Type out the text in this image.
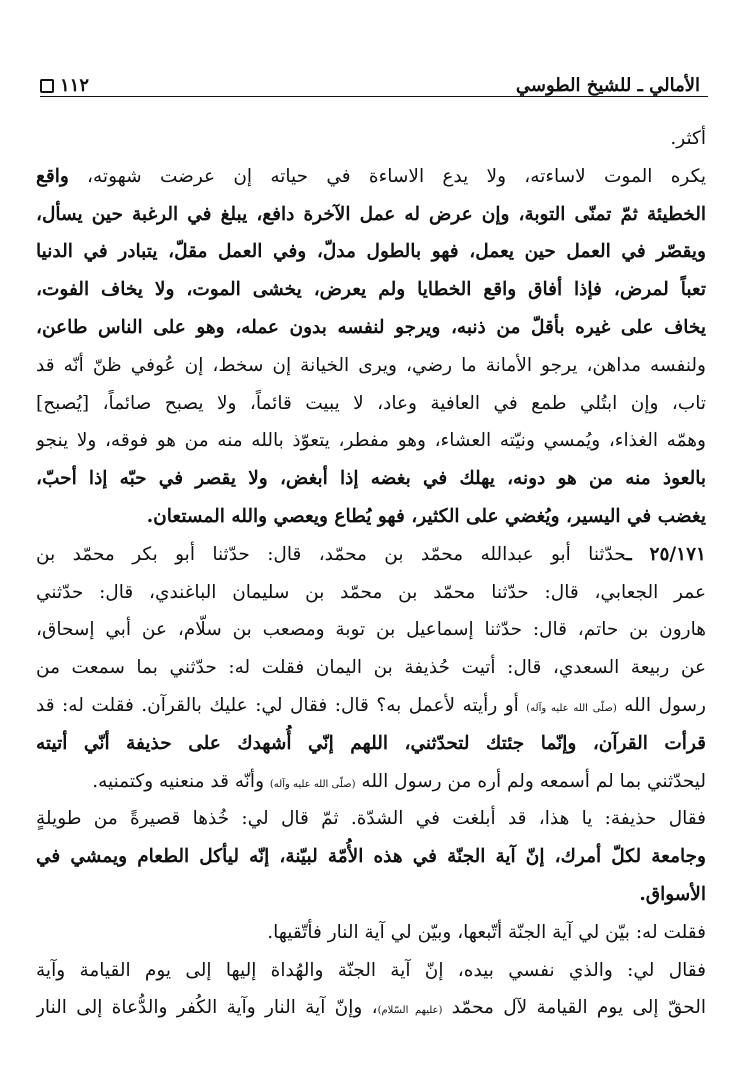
الأمالي ـ للشيخ الطوسي
١١٢
أكثر.
يكره الموت لاساءته، ولا يدع الاساءة في حياته إن عرضت شهوته، واقع
الخطيئة ثمّ تمنّى التوبة، وإن عرض له عمل الآخرة دافع، يبلغ في الرغبة حين يسأل،
ويقصّر في العمل حين يعمل، فهو بالطول مدلّ، وفي العمل مقلّ، يتبادر في الدنيا
تعباً لمرض، فإذا أفاق واقع الخطايا ولم يعرض، يخشى الموت، ولا يخاف الفوت،
يخاف على غيره بأقلّ من ذنبه، ويرجو لنفسه بدون عمله، وهو على الناس طاعن،
ولنفسه مداهن، يرجو الأمانة ما رضي، ويرى الخيانة إن سخط، إن عُوفي ظنّ أنّه قد
تاب، وإن ابتُلي طمع في العافية وعاد، لا يبيت قائماً، ولا يصبح صائماً، [يُصبح]
وهمّه الغذاء، ويُمسي ونيّته العشاء، وهو مفطر، يتعوّذ بالله منه من هو فوقه، ولا ينجو
بالعوذ منه من هو دونه، يهلك في بغضه إذا أبغض، ولا يقصر في حبّه إذا أحبّ،
يغضب في اليسير، ويُغضي على الكثير، فهو يُطاع ويعصي والله المستعان.
٢٥/١٧١ ـحدّثنا أبو عبدالله محمّد بن محمّد، قال: حدّثنا أبو بكر محمّد بن
عمر الجعابي، قال: حدّثنا محمّد بن محمّد بن سليمان الباغندي، قال: حدّثني
هارون بن حاتم، قال: حدّثنا إسماعيل بن توبة ومصعب بن سلّام، عن أبي إسحاق،
عن ربيعة السعدي، قال: أتيت حُذيفة بن اليمان فقلت له: حدّثني بما سمعت من
رسول الله (صلّى الله عليه وآله) أو رأيته لأعمل به؟ قال: فقال لي: عليك بالقرآن. فقلت له: قد
قرأت القرآن، وإنّما جئتك لتحدّثني، اللهم إنّي أُشهدك على حذيفة أنّي أتيته
ليحدّثني بما لم أسمعه ولم أره من رسول الله (صلّى الله عليه وآله) وأنّه قد منعنيه وكتمنيه.
فقال حذيفة: يا هذا، قد أبلغت في الشدّة. ثمّ قال لي: خُذها قصيرةً من طويلةٍ
وجامعة لكلّ أمرك، إنّ آية الجنّة في هذه الأُمّة لبيّنة، إنّه ليأكل الطعام ويمشي في
الأسواق.
فقلت له: بيّن لي آية الجنّة أتّبعها، وبيّن لي آية النار فأتّقيها.
فقال لي: والذي نفسي بيده، إنّ آية الجنّة والهُداة إليها إلى يوم القيامة وآية
الحقّ إلى يوم القيامة لآل محمّد (عليهم السّلام)، وإنّ آية النار وآية الكُفر والدُّعاة إلى النار
